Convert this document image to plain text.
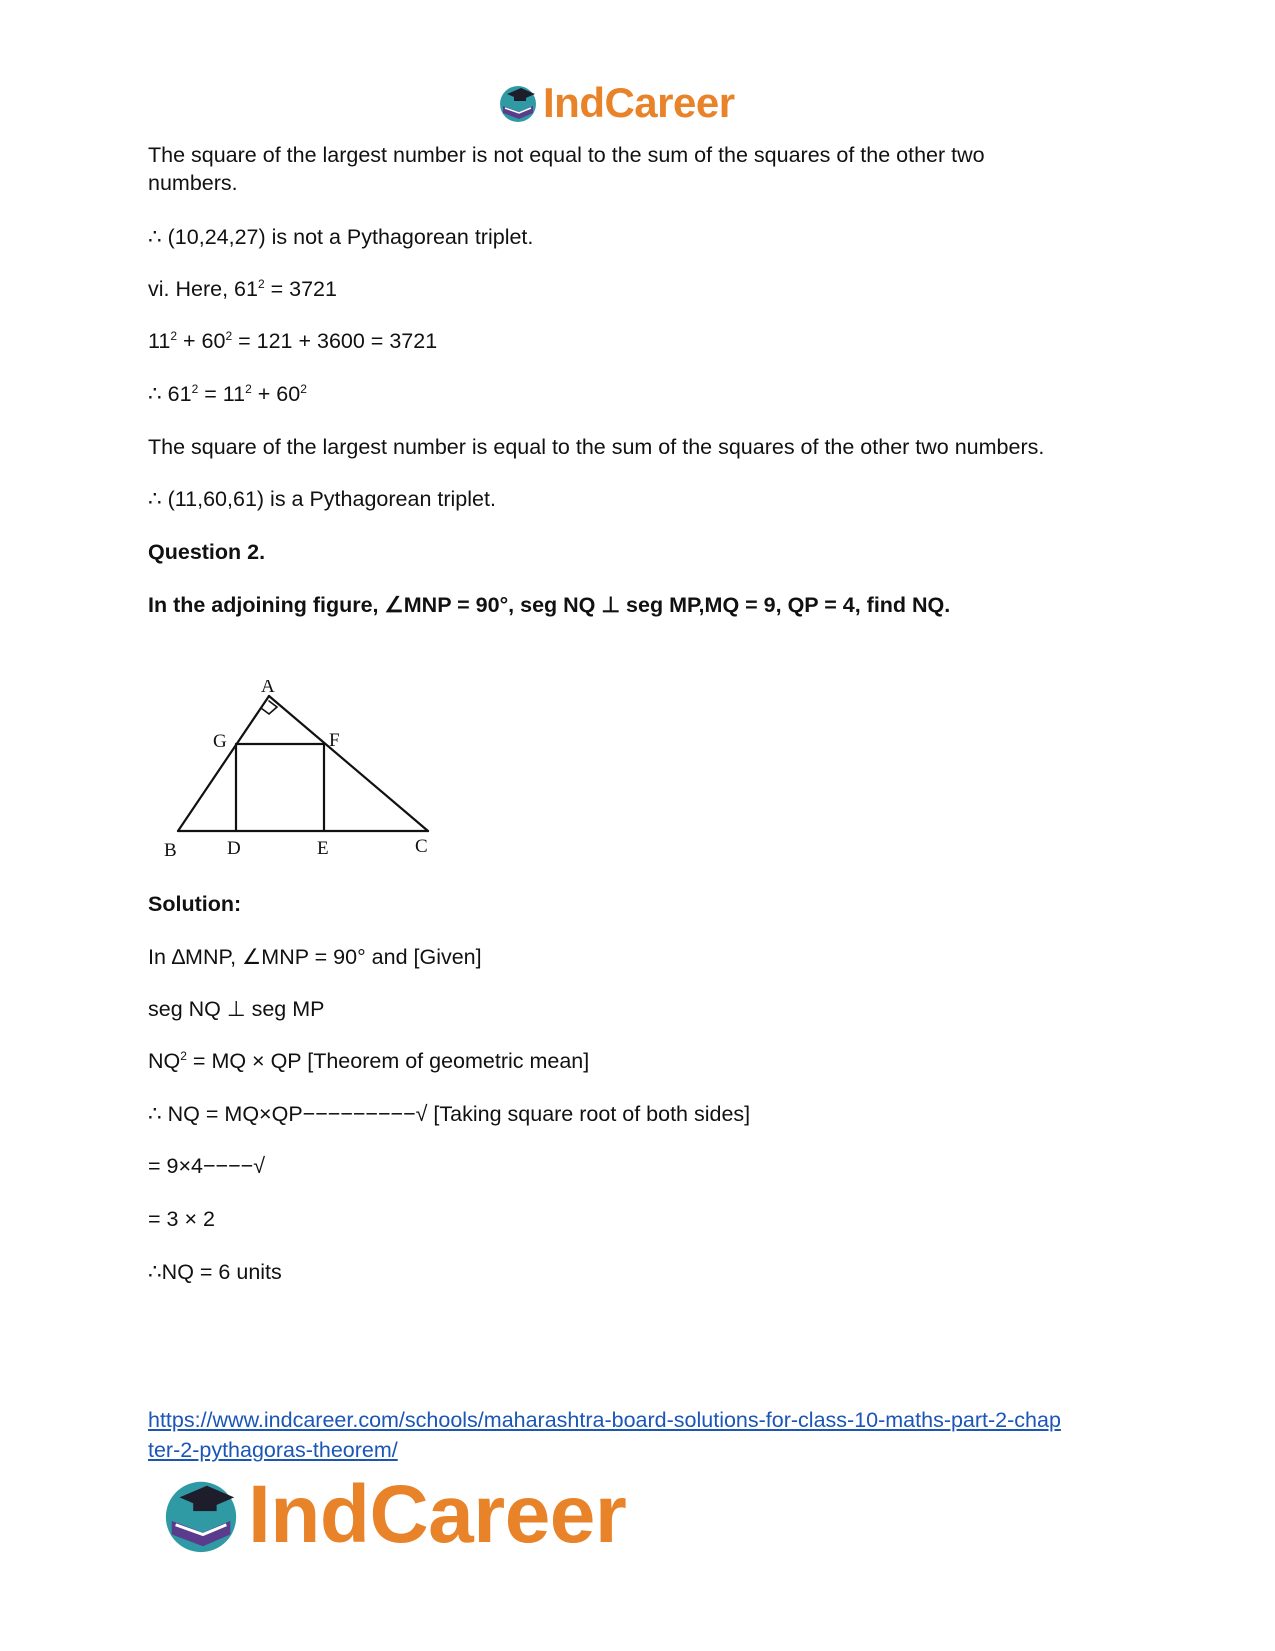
IndCareer
The square of the largest number is not equal to the sum of the squares of the other two
numbers.
∴ (10,24,27) is not a Pythagorean triplet.
vi. Here, $61^2 = 3721$
$11^2 + 60^2 = 121 + 3600 = 3721$
∴ $61^2 = 11^2 + 60^2$
The square of the largest number is equal to the sum of the squares of the other two numbers.
∴ (11,60,61) is a Pythagorean triplet.
Question 2.
In the adjoining figure, ∠MNP = 90°, seg NQ ⊥ seg MP,MQ = 9, QP = 4, find NQ.
A
B	C
D	E
F
G
Solution:
In ∆MNP, ∠MNP = 90° and [Given]
seg NQ ⊥ seg MP
$NQ^2$ = MQ × QP [Theorem of geometric mean]
∴ NQ = MQ×QP−−−−−−−−−√ [Taking square root of both sides]
= 9×4−−−−√
= 3 × 2
∴NQ = 6 units
https://www.indcareer.com/schools/maharashtra-board-solutions-for-class-10-maths-part-2-chap
ter-2-pythagoras-theorem/
IndCareer
